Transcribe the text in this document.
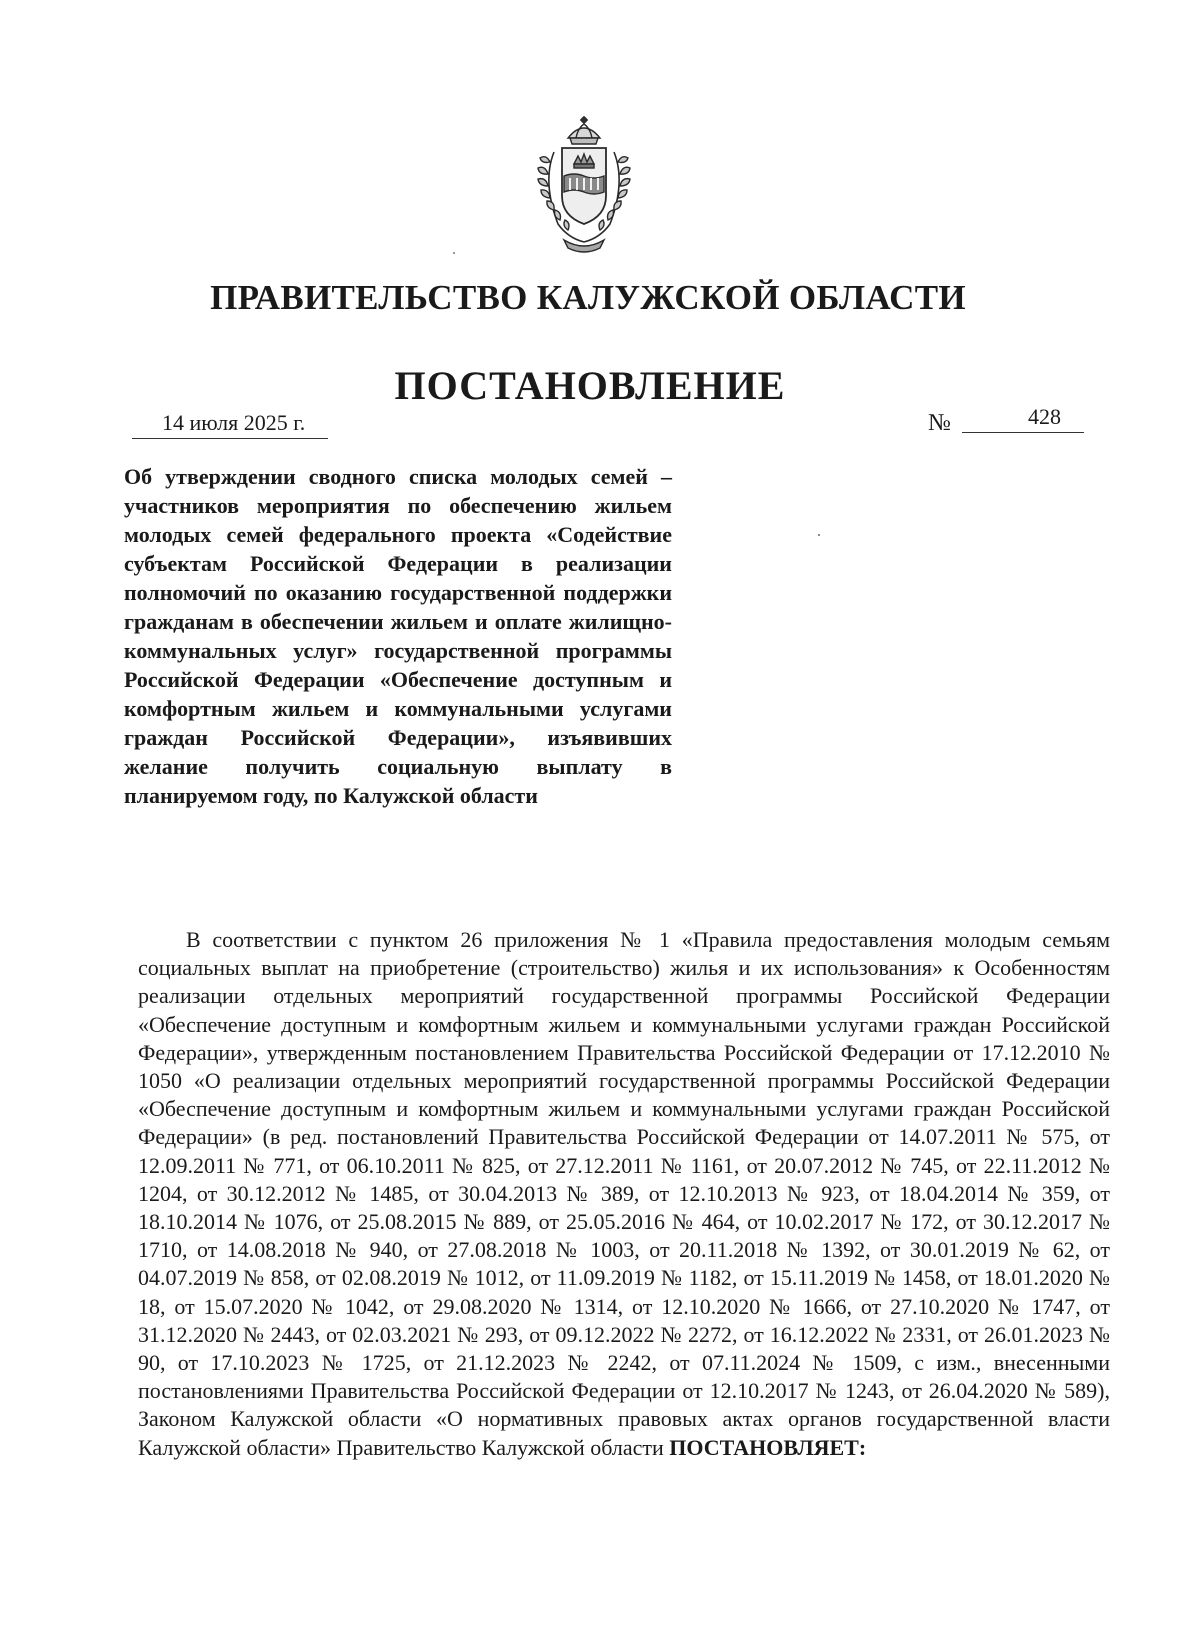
ПРАВИТЕЛЬСТВО КАЛУЖСКОЙ ОБЛАСТИ
ПОСТАНОВЛЕНИЕ
14 июля 2025 г.	№	428
Об утверждении сводного списка молодых семей – участников мероприятия по обеспечению жильем молодых семей федерального проекта «Содействие субъектам Российской Федерации в реализации полномочий по оказанию государственной поддержки гражданам в обеспечении жильем и оплате жилищно-коммунальных услуг» государственной программы Российской Федерации «Обеспечение доступным и комфортным жильем и коммунальными услугами граждан Российской Федерации», изъявивших желание получить социальную выплату в планируемом году, по Калужской области

В соответствии с пунктом 26 приложения № 1 «Правила предоставления молодым семьям социальных выплат на приобретение (строительство) жилья и их использования» к Особенностям реализации отдельных мероприятий государственной программы Российской Федерации «Обеспечение доступным и комфортным жильем и коммунальными услугами граждан Российской Федерации», утвержденным постановлением Правительства Российской Федерации от 17.12.2010 № 1050 «О реализации отдельных мероприятий государственной программы Российской Федерации «Обеспечение доступным и комфортным жильем и коммунальными услугами граждан Российской Федерации» (в ред. постановлений Правительства Российской Федерации от 14.07.2011 № 575, от 12.09.2011 № 771, от 06.10.2011 № 825, от 27.12.2011 № 1161, от 20.07.2012 № 745, от 22.11.2012 № 1204, от 30.12.2012 № 1485, от 30.04.2013 № 389, от 12.10.2013 № 923, от 18.04.2014 № 359, от 18.10.2014 № 1076, от 25.08.2015 № 889, от 25.05.2016 № 464, от 10.02.2017 № 172, от 30.12.2017 № 1710, от 14.08.2018 № 940, от 27.08.2018 № 1003, от 20.11.2018 № 1392, от 30.01.2019 № 62, от 04.07.2019 № 858, от 02.08.2019 № 1012, от 11.09.2019 № 1182, от 15.11.2019 № 1458, от 18.01.2020 № 18, от 15.07.2020 № 1042, от 29.08.2020 № 1314, от 12.10.2020 № 1666, от 27.10.2020 № 1747, от 31.12.2020 № 2443, от 02.03.2021 № 293, от 09.12.2022 № 2272, от 16.12.2022 № 2331, от 26.01.2023 № 90, от 17.10.2023 № 1725, от 21.12.2023 № 2242, от 07.11.2024 № 1509, с изм., внесенными постановлениями Правительства Российской Федерации от 12.10.2017 № 1243, от 26.04.2020 № 589), Законом Калужской области «О нормативных правовых актах органов государственной власти Калужской области» Правительство Калужской области ПОСТАНОВЛЯЕТ:
